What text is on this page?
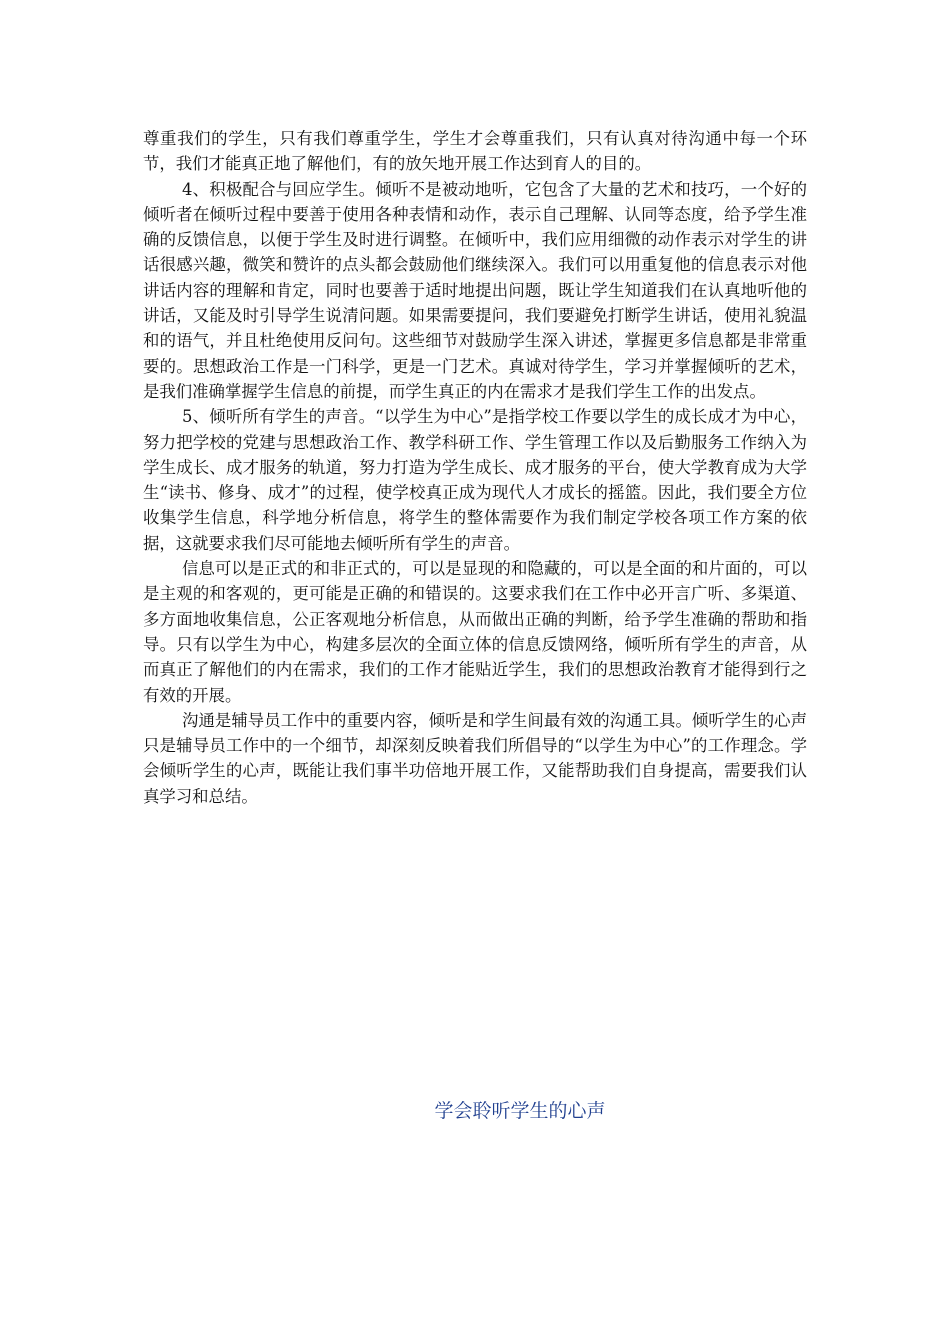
尊重我们的学生，只有我们尊重学生，学生才会尊重我们，只有认真对待沟通中每一个环节，我们才能真正地了解他们，有的放矢地开展工作达到育人的目的。

4、积极配合与回应学生。倾听不是被动地听，它包含了大量的艺术和技巧，一个好的倾听者在倾听过程中要善于使用各种表情和动作，表示自己理解、认同等态度，给予学生准确的反馈信息，以便于学生及时进行调整。在倾听中，我们应用细微的动作表示对学生的讲话很感兴趣，微笑和赞许的点头都会鼓励他们继续深入。我们可以用重复他的信息表示对他讲话内容的理解和肯定，同时也要善于适时地提出问题，既让学生知道我们在认真地听他的讲话，又能及时引导学生说清问题。如果需要提问，我们要避免打断学生讲话，使用礼貌温和的语气，并且杜绝使用反问句。这些细节对鼓励学生深入讲述，掌握更多信息都是非常重要的。思想政治工作是一门科学，更是一门艺术。真诚对待学生，学习并掌握倾听的艺术，是我们准确掌握学生信息的前提，而学生真正的内在需求才是我们学生工作的出发点。

5、倾听所有学生的声音。“以学生为中心”是指学校工作要以学生的成长成才为中心，努力把学校的党建与思想政治工作、教学科研工作、学生管理工作以及后勤服务工作纳入为学生成长、成才服务的轨道，努力打造为学生成长、成才服务的平台，使大学教育成为大学生“读书、修身、成才”的过程，使学校真正成为现代人才成长的摇篮。因此，我们要全方位收集学生信息，科学地分析信息，将学生的整体需要作为我们制定学校各项工作方案的依据，这就要求我们尽可能地去倾听所有学生的声音。

信息可以是正式的和非正式的，可以是显现的和隐藏的，可以是全面的和片面的，可以是主观的和客观的，更可能是正确的和错误的。这要求我们在工作中必开言广听、多渠道、多方面地收集信息，公正客观地分析信息，从而做出正确的判断，给予学生准确的帮助和指导。只有以学生为中心，构建多层次的全面立体的信息反馈网络，倾听所有学生的声音，从而真正了解他们的内在需求，我们的工作才能贴近学生，我们的思想政治教育才能得到行之有效的开展。

沟通是辅导员工作中的重要内容，倾听是和学生间最有效的沟通工具。倾听学生的心声只是辅导员工作中的一个细节，却深刻反映着我们所倡导的“以学生为中心”的工作理念。学会倾听学生的心声，既能让我们事半功倍地开展工作，又能帮助我们自身提高，需要我们认真学习和总结。

学会聆听学生的心声
